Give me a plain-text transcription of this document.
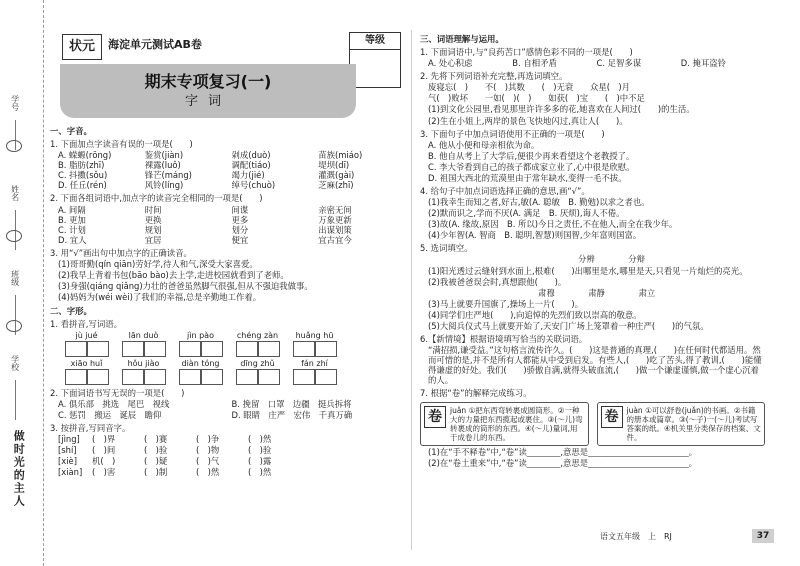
学号
姓名
班级
学校
做时光的主人
状元	海淀单元测试AB卷	等级
期末专项复习(一)
字词
一、字音。
1. 下面加点字读音有误的一项是(　　)
A. 蝾螈(rōng)	鉴赏(jiàn)	剁成(duò)	苗族(miáo)
B. 脂肪(zhī)	裸露(luǒ)	调配(tiáo)	堤坝(dī)
C. 抖擞(sǒu)	锋芒(máng)	竭力(jié)	灌溉(gài)
D. 任丘(rén)	风铃(líng)	绰号(chuò)	芝麻(zhī)
2. 下面各组词语中,加点字的读音完全相同的一项是(　　)
A. 间隔	时间	间谍	亲密无间
B. 更加	更换	更多	万象更新
C. 计划	规划	划分	出谋划策
D. 宜人	宜居	便宜	宜古宜今
3. 用“√”画出句中加点字的正确读音。
(1)哥哥勤(qín qiān)劳好学,待人和气,深受大家喜爱。
(2)我早上背着书包(bāo bào)去上学,走进校园就看到了老师。
(3)身强(qiáng qiǎng)力壮的爸爸虽然脚气很强,但从不强迫我做事。
(4)妈妈为(wéi wèi)了我们的幸福,总是辛勤地工作着。
二、字形。
1. 看拼音,写词语。
jù jué	lān duò	jìn pào	chéng zàn	huǎng hū
xiāo huǐ	hǒu jiào	diàn tóng	dīng zhǔ	fán zhí
2. 下面词语书写无误的一项是(　　)
A. 俱乐部　 挑选　 尾巴　 视线	B. 挽留　 口罩　 边疆　 挺兵拆将
C. 惩罚　 搬运　 诞辰　 瞻仰	D. 眼睛　 庄严　 宏伟　 千真万确
3. 按拼音,写同音字。
[jìng]	(　)界	(　)赛	(　)争	(　)然
[shí]	(　)间	(　)验	(　)物	(　)验
[xiè]	机(　)	(　)疑	(　)气	(　)露
[xiàn]	(　)害	(　)制	(　)然	(　)然
三、词语理解与运用。
1. 下面词语中,与“良药苦口”感情色彩不同的一项是(　　)
A. 处心积虑	B. 自相矛盾	C. 足智多谋	D. 掩耳盗铃
2. 先将下列词语补充完整,再选词填空。
废寝忘(　)　　不(　)其数　　(　)无衰　　众星(　)月
气(　)败坏　　一如(　)(　)　　如获(　)宝　　(　)中不足
(1)到文化公园里,看见那里许许多多的花,她喜欢在人间过(　　)的生活。
(2)生在小姐上,两岸的景色飞快地闪过,真让人(　　)。
3. 下面句子中加点词语使用不正确的一项是(　　)
A. 他从小便和母亲相依为命。
B. 他自从考上了大学后,便很少再来看望这个老教授了。
C. 李大爷看到自己的孩子都成家立业了,心中很是欣慰。
D. 祖国大西北的荒漠里由于常年缺水,变得一毛不拔。
4. 给句子中加点词语选择正确的意思,画“√”。
(1)我幸生而知之者,好古,敏(A. 聪敏　B. 勤勉)以求之者也。
(2)默而识之,学而不厌(A. 满足　B. 厌烦),诲人不倦。
(3)故(A. 缘故,原因　B. 所以)今日之责任,不在他人,而全在我少年。
(4)少年智(A. 智商　B. 聪明,智慧)则国智,少年富则国富。
5. 选词填空。
分辨　　　　	分辩
(1)阳光透过云缝射到水面上,根难(　　)出哪里是水,哪里是天,只看见一片灿烂的亮光。
(2)我被爸爸误会时,真想跟他(　　)。
肃穆　　　　	肃静　　　　	肃立
(3)马上就要升国旗了,操场上一片(　　)。
(4)同学们庄严地(　　),向追悼的先烈们致以崇高的敬意。
(5)大阅兵仪式马上就要开始了,天安门广场上笼罩着一种庄严(　　)的气氛。
6.【新情境】根据语境填写恰当的关联词语。
“满招损,谦受益。”这句格言流传许久。(　　)这是普通的真理,(　　)在任何时代都适用。然而可惜的是,并不是所有人都能从中受到启发。有些人,(　　)吃了苦头,得了教训,(　　)能懂得谦虚的好处。我们(　　)骄傲自满,就得头破血流,(　　)做一个谦虚谨慎,做一个虚心沉着的人。
7. 根据“卷”的解释完成练习。
卷	juǎn ①把东西弯转裹成圆筒形。②一种大的力量把东西揽起或裹住。③(～儿)弯转裹成的筒形的东西。④(～儿)量词,用于成卷儿的东西。
卷	juàn ①可以舒卷(juǎn)的书画。②书籍的册本或篇章。③(～子)一(～儿)考试写答案的纸。④机关里分类保存的档案、文件。
(1)在“手不释卷”中,“卷”读________,意思是________________________。
(2)在“卷土重来”中,“卷”读________,意思是________________________。
语文五年级　上　RJ	37
